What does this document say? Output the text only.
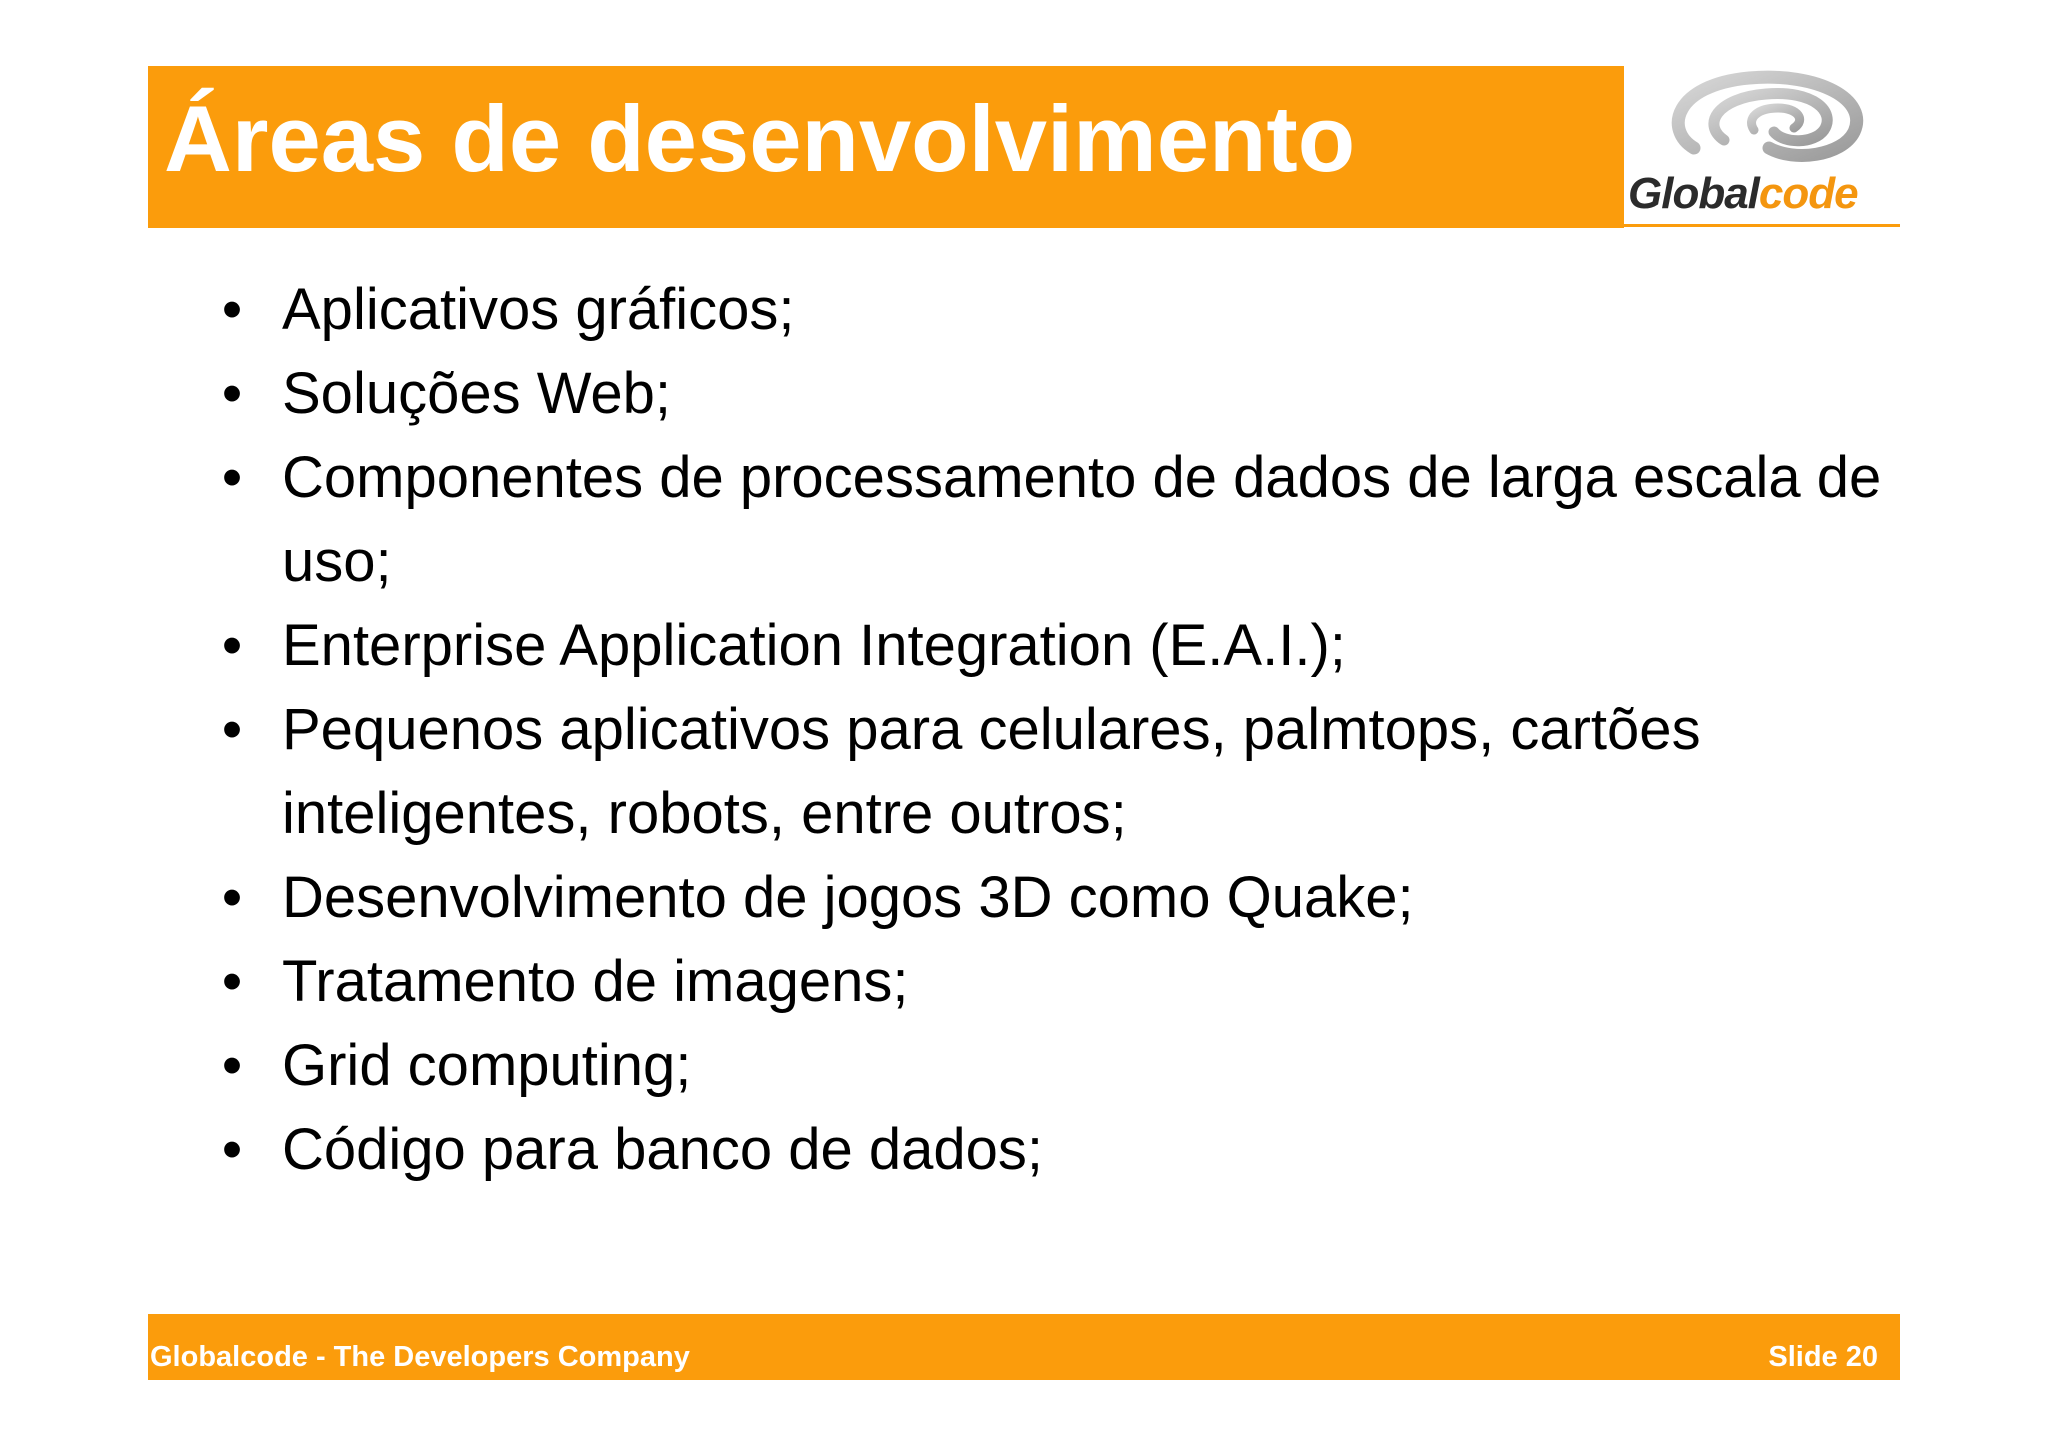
Áreas de desenvolvimento
Globalcode
• Aplicativos gráficos;
• Soluções Web;
• Componentes de processamento de dados de larga escala de uso;
• Enterprise Application Integration (E.A.I.);
• Pequenos aplicativos para celulares, palmtops, cartões inteligentes, robots, entre outros;
• Desenvolvimento de jogos 3D como Quake;
• Tratamento de imagens;
• Grid computing;
• Código para banco de dados;
Globalcode - The Developers Company	Slide 20
